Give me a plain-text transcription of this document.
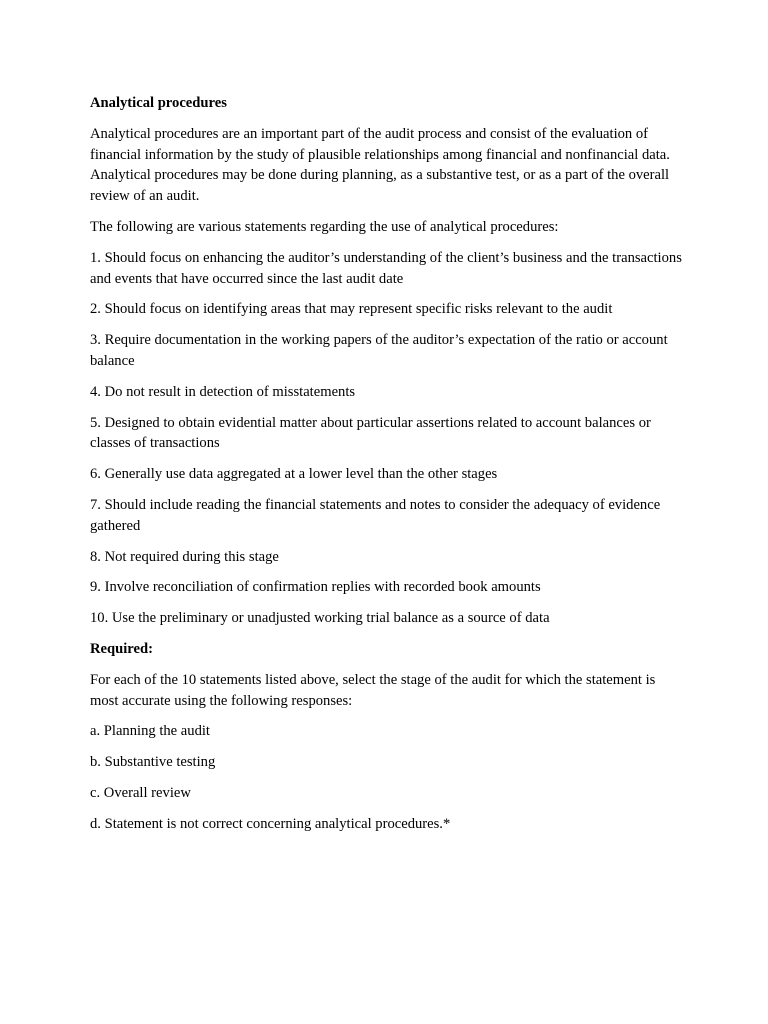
Analytical procedures

Analytical procedures are an important part of the audit process and consist of the evaluation of financial information by the study of plausible relationships among financial and nonfinancial data. Analytical procedures may be done during planning, as a substantive test, or as a part of the overall review of an audit.

The following are various statements regarding the use of analytical procedures:

1. Should focus on enhancing the auditor’s understanding of the client’s business and the transactions and events that have occurred since the last audit date

2. Should focus on identifying areas that may represent specific risks relevant to the audit

3. Require documentation in the working papers of the auditor’s expectation of the ratio or account balance

4. Do not result in detection of misstatements

5. Designed to obtain evidential matter about particular assertions related to account balances or classes of transactions

6. Generally use data aggregated at a lower level than the other stages

7. Should include reading the financial statements and notes to consider the adequacy of evidence gathered

8. Not required during this stage

9. Involve reconciliation of confirmation replies with recorded book amounts

10. Use the preliminary or unadjusted working trial balance as a source of data

Required:

For each of the 10 statements listed above, select the stage of the audit for which the statement is most accurate using the following responses:

a. Planning the audit

b. Substantive testing

c. Overall review

d. Statement is not correct concerning analytical procedures.*
